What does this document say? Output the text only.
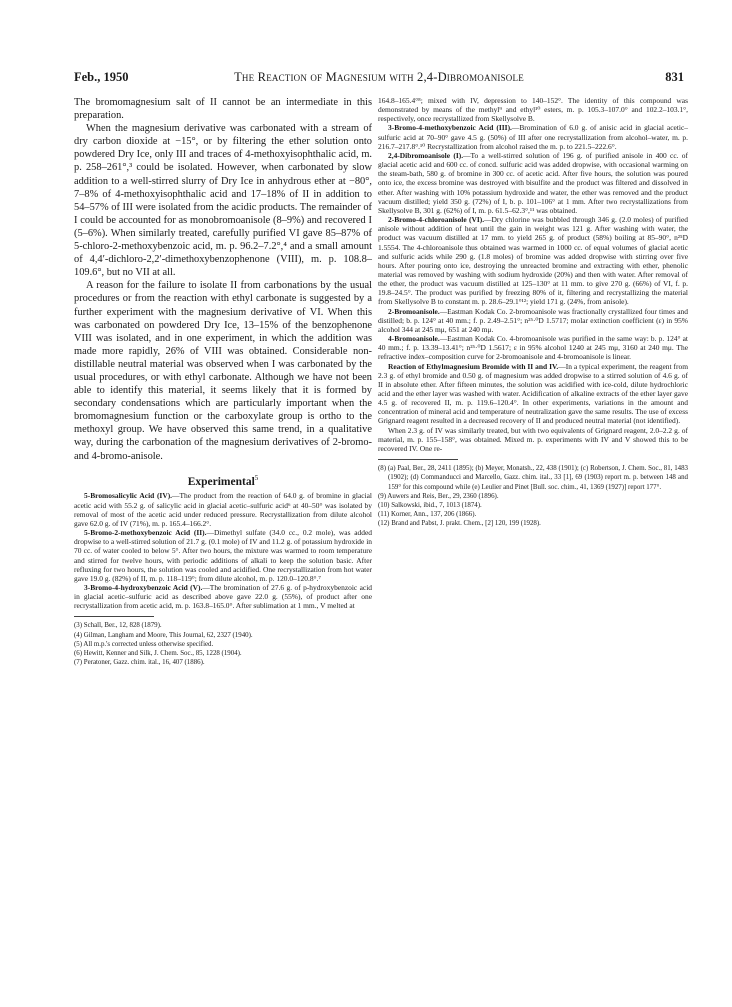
Feb., 1950	The Reaction of Magnesium with 2,4-Dibromoanisole	831

The bromomagnesium salt of II cannot be an intermediate in this preparation.

When the magnesium derivative was carbonated with a stream of dry carbon dioxide at −15°, or by filtering the ether solution onto powdered Dry Ice, only III and traces of 4-methoxyisophthalic acid, m. p. 258–261°,³ could be isolated. However, when carbonated by slow addition to a well-stirred slurry of Dry Ice in anhydrous ether at −80°, 7–8% of 4-methoxyisophthalic acid and 17–18% of II in addition to 54–57% of III were isolated from the acidic products. The remainder of I could be accounted for as monobromoanisole (8–9%) and recovered I (5–6%). When similarly treated, carefully purified VI gave 85–87% of 5-chloro-2-methoxybenzoic acid, m. p. 96.2–7.2°,⁴ and a small amount of 4,4′-dichloro-2,2′-dimethoxybenzophenone (VIII), m. p. 108.8–109.6°, but no VII at all.

A reason for the failure to isolate II from carbonations by the usual procedures or from the reaction with ethyl carbonate is suggested by a further experiment with the magnesium derivative of VI. When this was carbonated on powdered Dry Ice, 13–15% of the benzophenone VIII was isolated, and in one experiment, in which the addition was made more rapidly, 26% of VIII was obtained. Considerable non-distillable neutral material was observed when I was carbonated by the usual procedures, or with ethyl carbonate. Although we have not been able to identify this material, it seems likely that it is formed by secondary condensations which are particularly important when the bromomagnesium function or the carboxylate group is ortho to the methoxyl group. We have observed this same trend, in a qualitative way, during the carbonation of the magnesium derivatives of 2-bromo- and 4-bromo-anisole.

Experimental$^5$

5-Bromosalicylic Acid (IV).—The product from the reaction of 64.0 g. of bromine in glacial acetic acid with 55.2 g. of salicylic acid in glacial acetic–sulfuric acid⁶ at 40–50° was isolated by removal of most of the acetic acid under reduced pressure. Recrystallization from dilute alcohol gave 62.0 g. of IV (71%), m. p. 165.4–166.2°.

5-Bromo-2-methoxybenzoic Acid (II).—Dimethyl sulfate (34.0 cc., 0.2 mole), was added dropwise to a well-stirred solution of 21.7 g. (0.1 mole) of IV and 11.2 g. of potassium hydroxide in 70 cc. of water cooled to below 5°. After two hours, the mixture was warmed to room temperature and stirred for twelve hours, with periodic additions of alkali to keep the solution basic. After refluxing for two hours, the solution was cooled and acidified. One recrystallization from hot water gave 19.0 g. (82%) of II, m. p. 118–119°; from dilute alcohol, m. p. 120.0–120.8°.⁷

3-Bromo-4-hydroxybenzoic Acid (V).—The bromination of 27.6 g. of p-hydroxybenzoic acid in glacial acetic–sulfuric acid as described above gave 22.0 g. (55%), of product after one recrystallization from acetic acid, m. p. 163.8–165.0°. After sublimation at 1 mm., V melted at

(3) Schall, Ber., 12, 828 (1879).

(4) Gilman, Langham and Moore, This Journal, 62, 2327 (1940).

(5) All m.p.'s corrected unless otherwise specified.

(6) Hewitt, Kenner and Silk, J. Chem. Soc., 85, 1228 (1904).

(7) Peratoner, Gazz. chim. ital., 16, 407 (1886).

164.8–165.4°⁸; mixed with IV, depression to 140–152°. The identity of this compound was demonstrated by means of the methyl⁹ and ethyl¹⁰ esters, m. p. 105.3–107.0° and 102.2–103.1°, respectively, once recrystallized from Skellysolve B.

3-Bromo-4-methoxybenzoic Acid (III).—Bromination of 6.0 g. of anisic acid in glacial acetic–sulfuric acid at 70–90° gave 4.5 g. (50%) of III after one recrystallization from alcohol–water, m. p. 216.7–217.8°.¹⁰ Recrystallization from alcohol raised the m. p. to 221.5–222.6°.

2,4-Dibromoanisole (I).—To a well-stirred solution of 196 g. of purified anisole in 400 cc. of glacial acetic acid and 600 cc. of concd. sulfuric acid was added dropwise, with occasional warming on the steam-bath, 580 g. of bromine in 300 cc. of acetic acid. After five hours, the solution was poured onto ice, the excess bromine was destroyed with bisulfite and the product was filtered and dissolved in ether. After washing with 10% potassium hydroxide and water, the ether was removed and the product vacuum distilled; yield 350 g. (72%) of I, b. p. 101–106° at 1 mm. After two recrystallizations from Skellysolve B, 301 g. (62%) of I, m. p. 61.5–62.3°,¹¹ was obtained.

2-Bromo-4-chloroanisole (VI).—Dry chlorine was bubbled through 346 g. (2.0 moles) of purified anisole without addition of heat until the gain in weight was 121 g. After washing with water, the product was vacuum distilled at 17 mm. to yield 265 g. of product (58%) boiling at 85–90°, n²⁵D 1.5554. The 4-chloroanisole thus obtained was warmed in 1000 cc. of equal volumes of glacial acetic and sulfuric acids while 290 g. (1.8 moles) of bromine was added dropwise with stirring over five hours. After pouring onto ice, destroying the unreacted bromine and extracting with ether, phenolic material was removed by washing with sodium hydroxide (20%) and then with water. After removal of the ether, the product was vacuum distilled at 125–130° at 11 mm. to give 270 g. (66%) of VI, f. p. 19.8–24.5°. The product was purified by freezing 80% of it, filtering and recrystallizing the material from Skellysolve B to constant m. p. 28.6–29.1°¹²; yield 171 g. (24%, from anisole).

2-Bromoanisole.—Eastman Kodak Co. 2-bromoanisole was fractionally crystallized four times and distilled; b. p. 124° at 40 mm.; f. p. 2.49–2.51°; n²⁵·⁰D 1.5717; molar extinction coefficient (ε) in 95% alcohol 344 at 245 mμ, 651 at 240 mμ.

4-Bromoanisole.—Eastman Kodak Co. 4-bromoanisole was purified in the same way: b. p. 124° at 40 mm.; f. p. 13.39–13.41°; n²⁵·⁰D 1.5617; ε in 95% alcohol 1240 at 245 mμ, 3160 at 240 mμ. The refractive index–composition curve for 2-bromoanisole and 4-bromoanisole is linear.

Reaction of Ethylmagnesium Bromide with II and IV.—In a typical experiment, the reagent from 2.3 g. of ethyl bromide and 0.50 g. of magnesium was added dropwise to a stirred solution of 4.6 g. of II in absolute ether. After fifteen minutes, the solution was acidified with ice-cold, dilute hydrochloric acid and the ether layer was washed with water. Acidification of alkaline extracts of the ether layer gave 4.5 g. of recovered II, m. p. 119.6–120.4°. In other experiments, variations in the amount and concentration of mineral acid and temperature of neutralization gave the same results. The use of excess Grignard reagent resulted in a decreased recovery of II and produced neutral material (not identified).

When 2.3 g. of IV was similarly treated, but with two equivalents of Grignard reagent, 2.0–2.2 g. of material, m. p. 155–158°, was obtained. Mixed m. p. experiments with IV and V showed this to be recovered IV. One re-

(8) (a) Paal, Ber., 28, 2411 (1895); (b) Meyer, Monatsh., 22, 438 (1901); (c) Robertson, J. Chem. Soc., 81, 1483 (1902); (d) Commanducci and Marcello, Gazz. chim. ital., 33 [1], 69 (1903) report m. p. between 148 and 159° for this compound while (e) Leulier and Pinet [Bull. soc. chim., 41, 1369 (1927)] report 177°.

(9) Auwers and Reis, Ber., 29, 2360 (1896).

(10) Salkowski, ibid., 7, 1013 (1874).

(11) Korner, Ann., 137, 206 (1866).

(12) Brand and Pabst, J. prakt. Chem., [2] 120, 199 (1928).
